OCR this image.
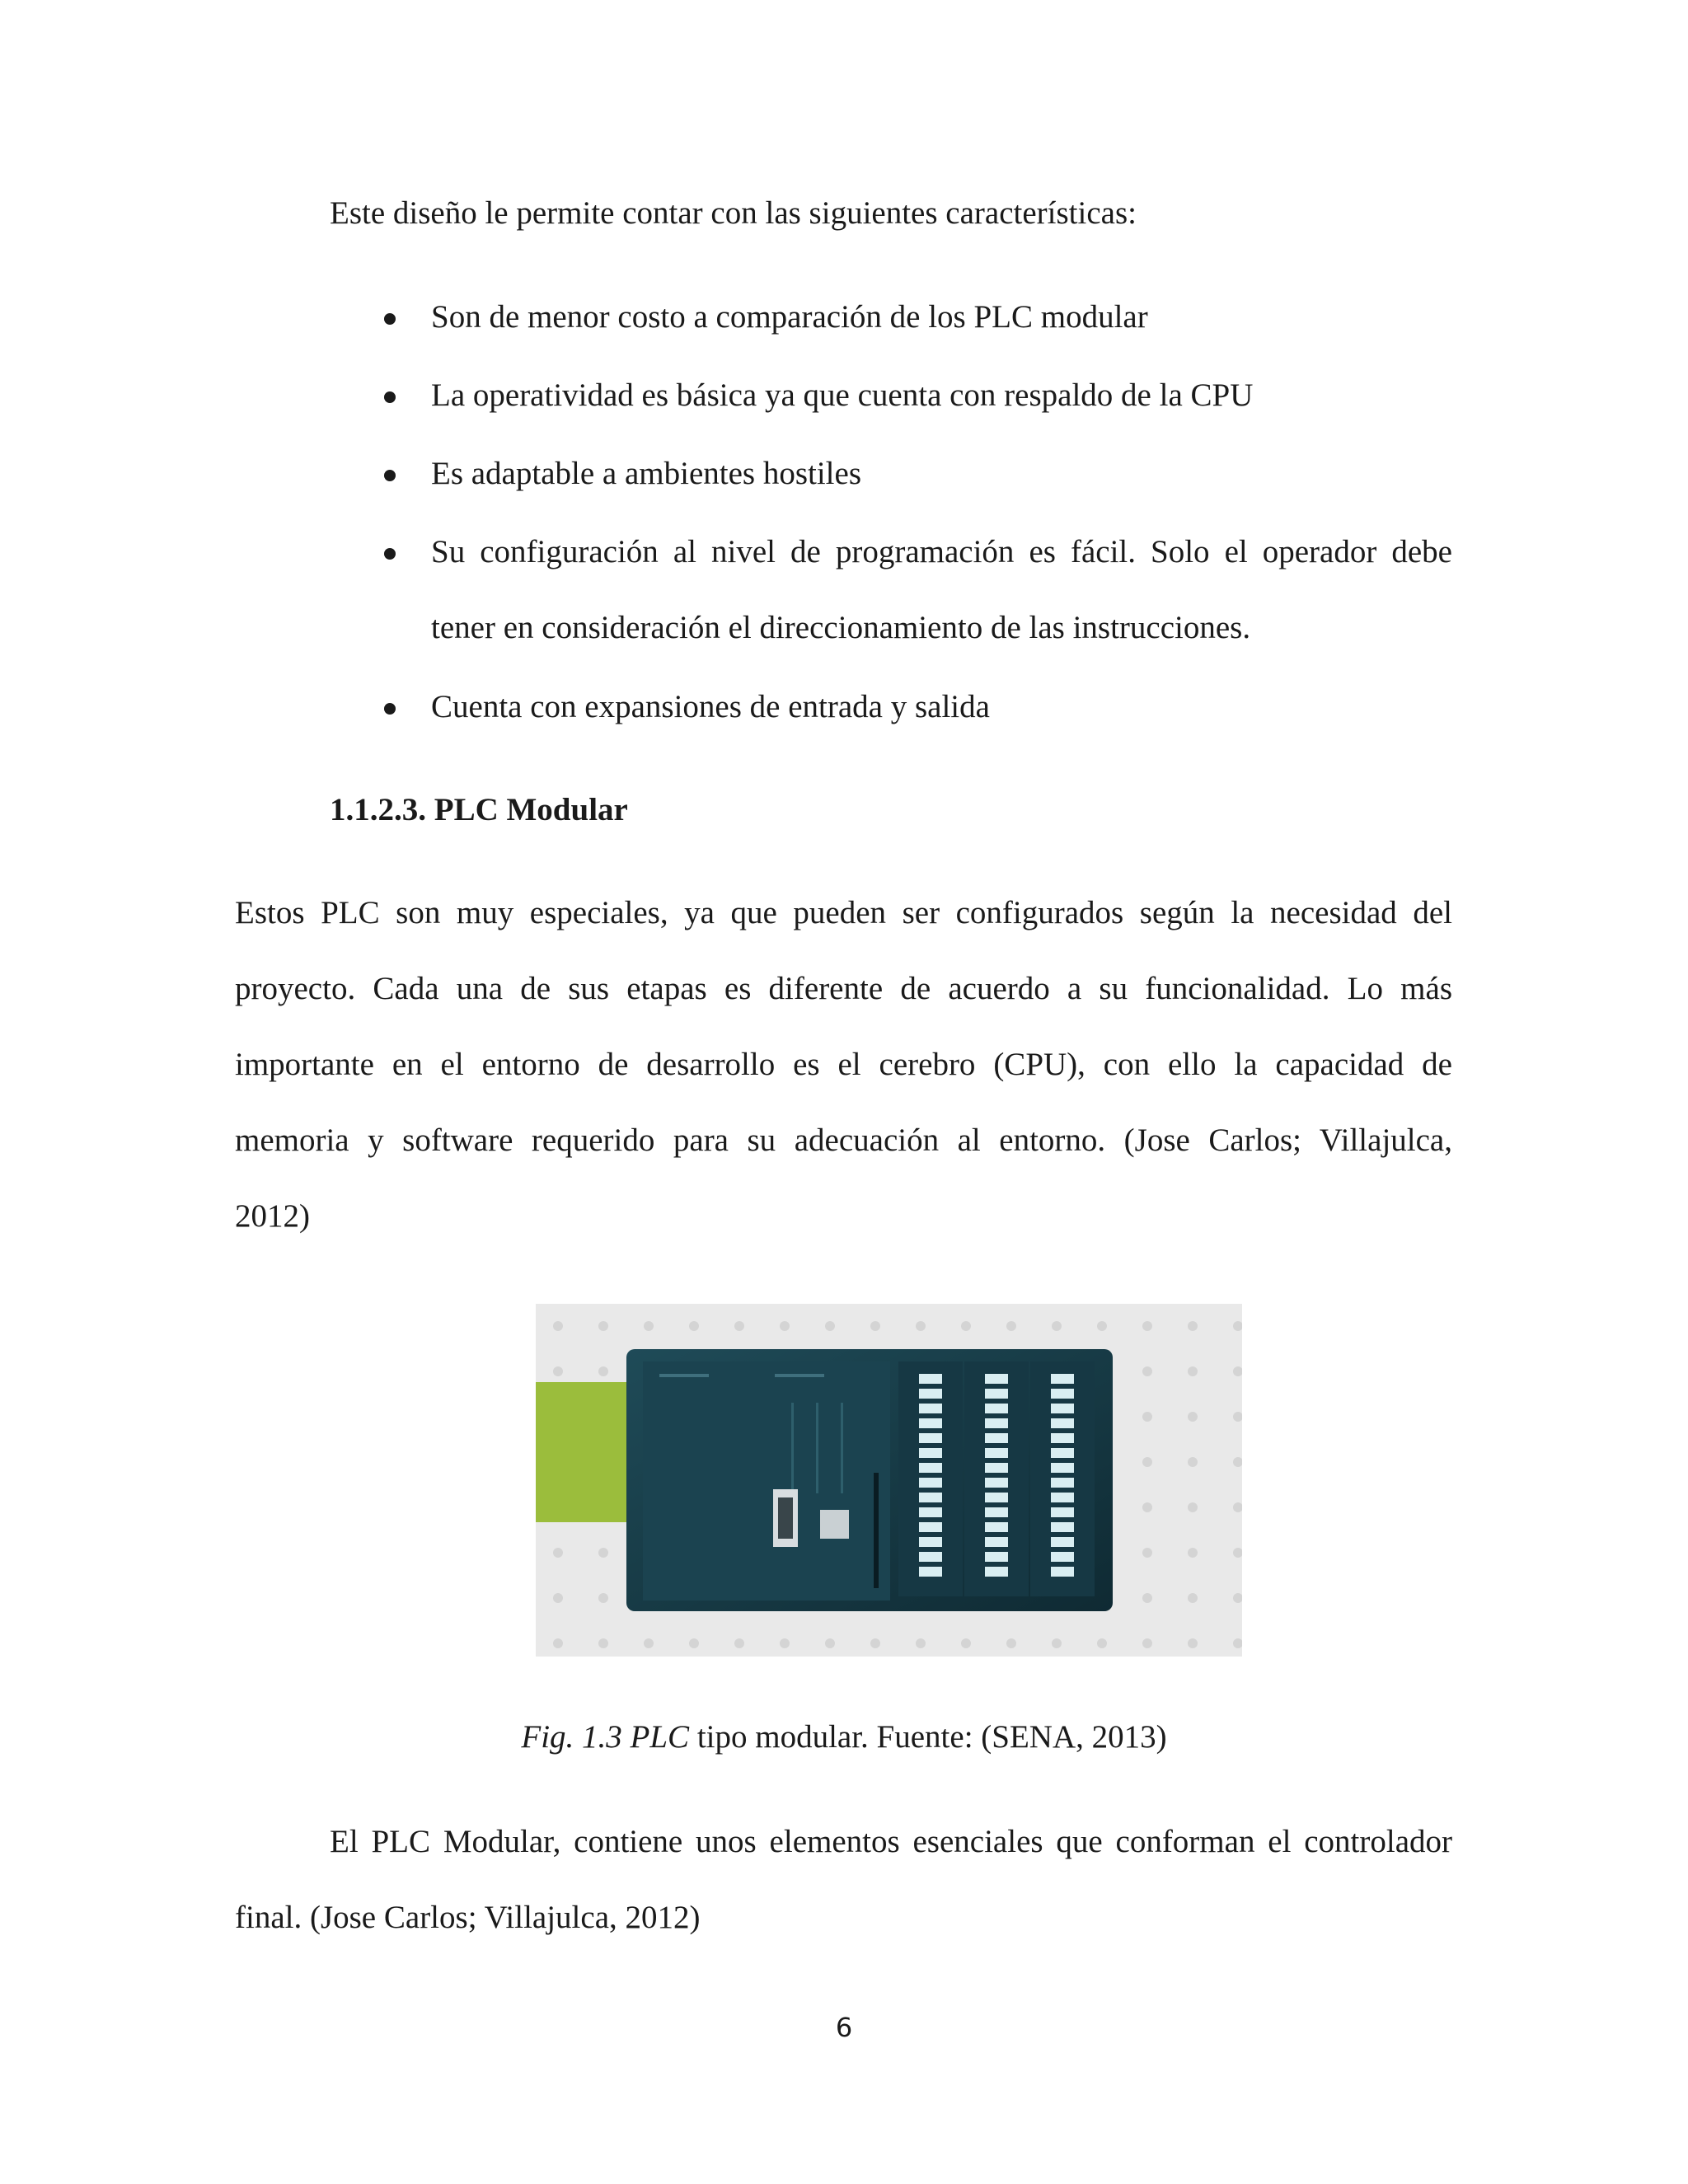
Este diseño le permite contar con las siguientes características:
Son de menor costo a comparación de los PLC modular
La operatividad es básica ya que cuenta con respaldo de la CPU
Es adaptable a ambientes hostiles
Su configuración al nivel de programación es fácil. Solo el operador debe
tener en consideración el direccionamiento de las instrucciones.
Cuenta con expansiones de entrada y salida
1.1.2.3. PLC Modular
Estos PLC son muy especiales, ya que pueden ser configurados según la necesidad del
proyecto. Cada una de sus etapas es diferente de acuerdo a su funcionalidad. Lo más
importante en el entorno de desarrollo es el cerebro (CPU), con ello la capacidad de
memoria y software requerido para su adecuación al entorno. (Jose Carlos; Villajulca,
2012)
Fig. 1.3 PLC tipo modular. Fuente: (SENA, 2013)
El PLC Modular, contiene unos elementos esenciales que conforman el controlador
final. (Jose Carlos; Villajulca, 2012)
6
